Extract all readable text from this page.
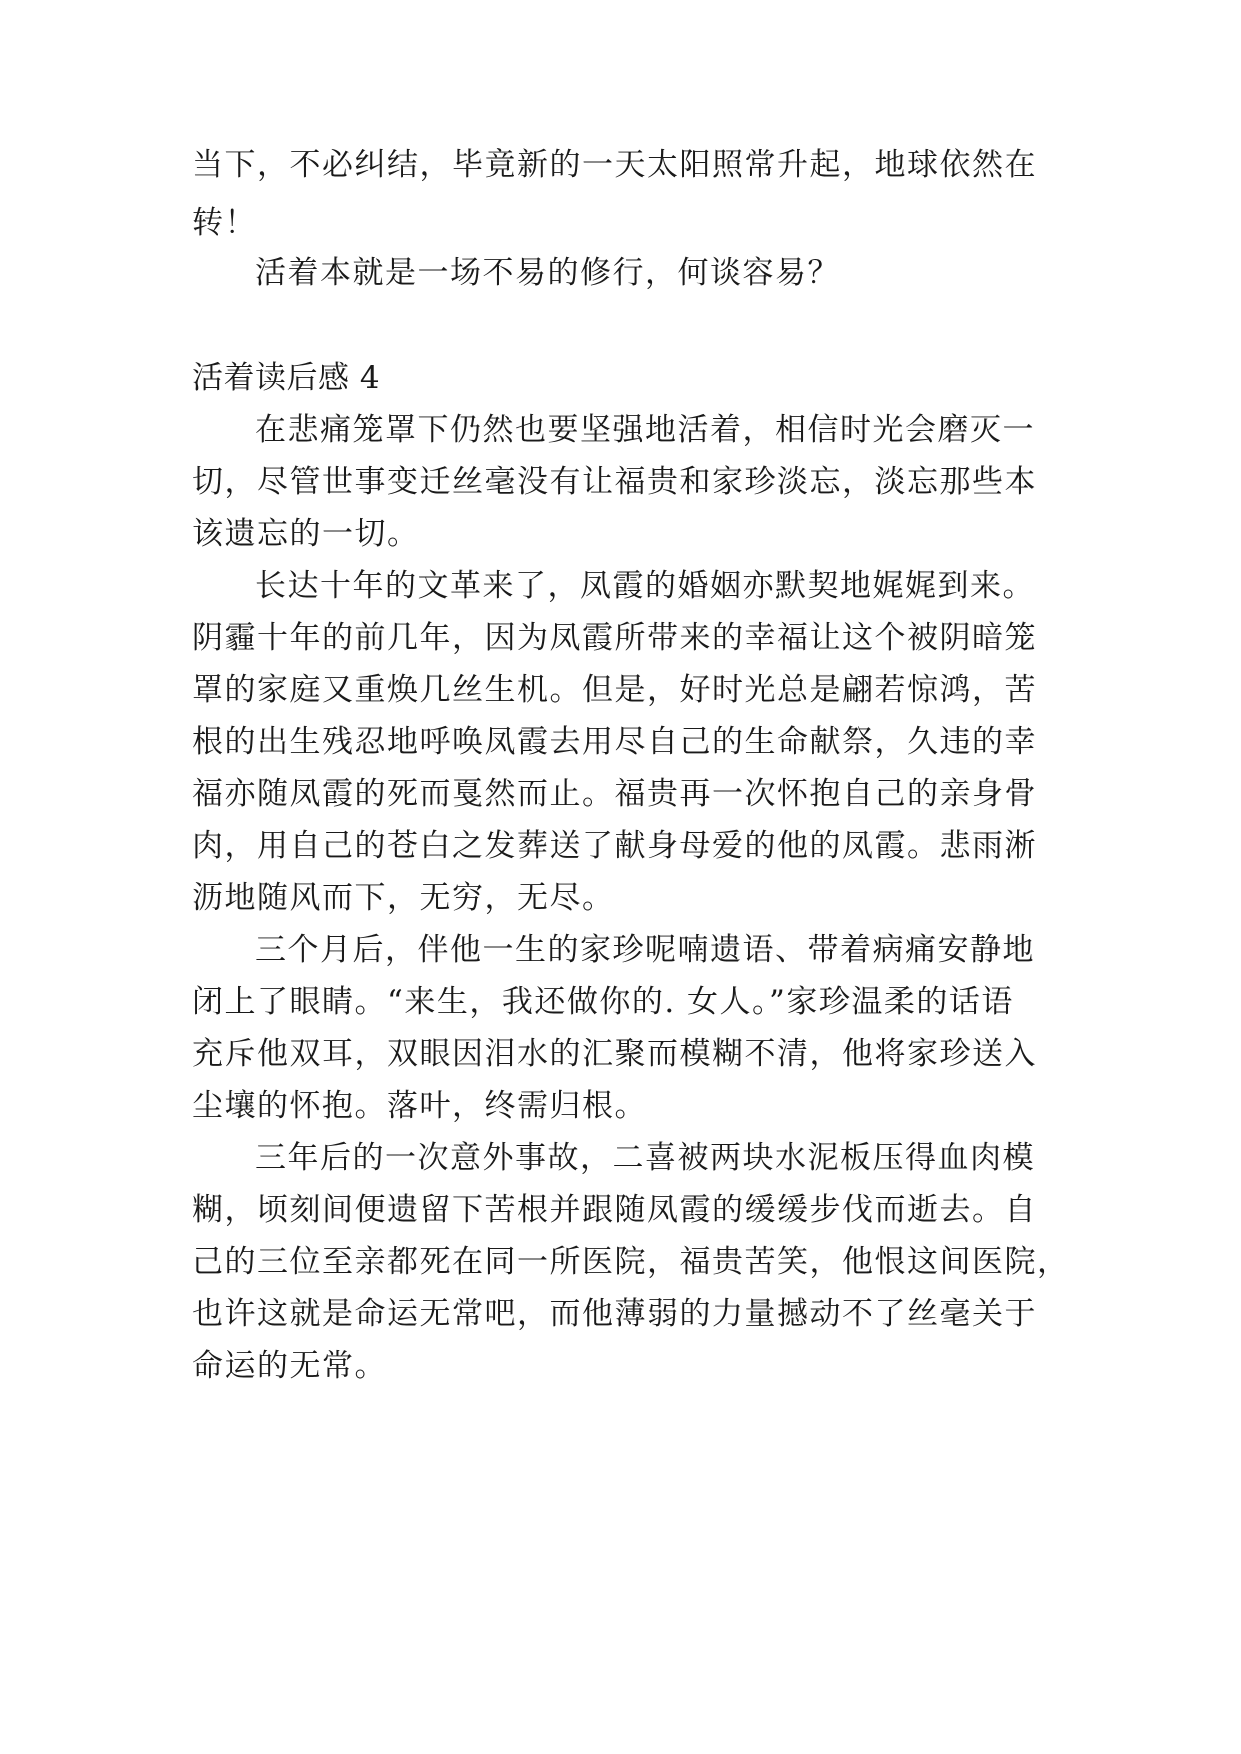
当下，不必纠结，毕竟新的一天太阳照常升起，地球依然在
转！
活着本就是一场不易的修行，何谈容易？
活着读后感 4
在悲痛笼罩下仍然也要坚强地活着，相信时光会磨灭一
切，尽管世事变迁丝毫没有让福贵和家珍淡忘，淡忘那些本
该遗忘的一切。
长达十年的文革来了，凤霞的婚姻亦默契地娓娓到来。
阴霾十年的前几年，因为凤霞所带来的幸福让这个被阴暗笼
罩的家庭又重焕几丝生机。但是，好时光总是翩若惊鸿，苦
根的出生残忍地呼唤凤霞去用尽自己的生命献祭，久违的幸
福亦随凤霞的死而戛然而止。福贵再一次怀抱自己的亲身骨
肉，用自己的苍白之发葬送了献身母爱的他的凤霞。悲雨淅
沥地随风而下，无穷，无尽。
三个月后，伴他一生的家珍呢喃遗语、带着病痛安静地
闭上了眼睛。“来生，我还做你的. 女人。”家珍温柔的话语
充斥他双耳，双眼因泪水的汇聚而模糊不清，他将家珍送入
尘壤的怀抱。落叶，终需归根。
三年后的一次意外事故，二喜被两块水泥板压得血肉模
糊，顷刻间便遗留下苦根并跟随凤霞的缓缓步伐而逝去。自
己的三位至亲都死在同一所医院，福贵苦笑，他恨这间医院，
也许这就是命运无常吧，而他薄弱的力量撼动不了丝毫关于
命运的无常。
